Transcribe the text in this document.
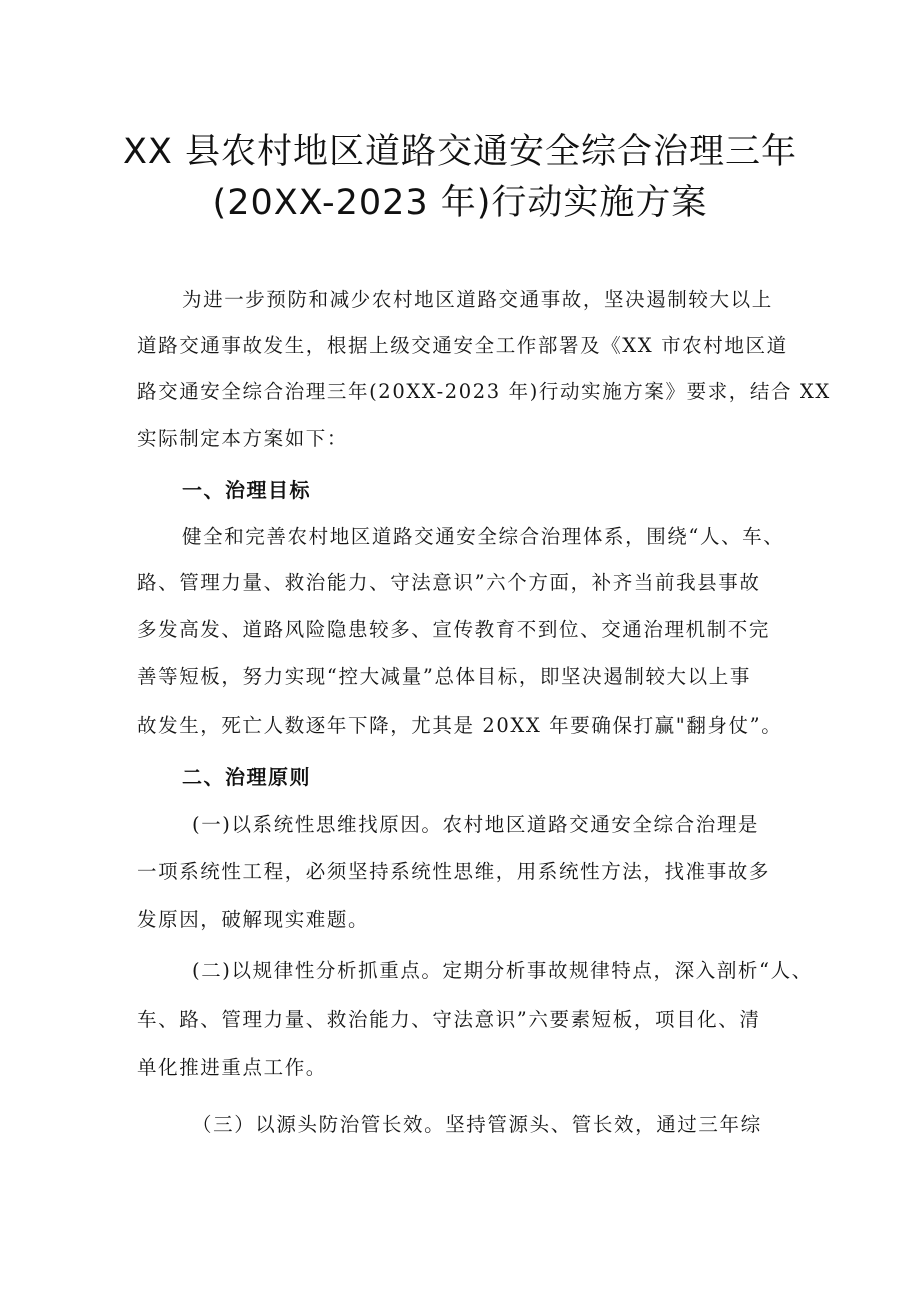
XX 县农村地区道路交通安全综合治理三年
(20XX-2023 年)行动实施方案
为进一步预防和减少农村地区道路交通事故，坚决遏制较大以上
道路交通事故发生，根据上级交通安全工作部署及《XX 市农村地区道
路交通安全综合治理三年(20XX-2023 年)行动实施方案》要求，结合 XX
实际制定本方案如下：
一、治理目标
健全和完善农村地区道路交通安全综合治理体系，围绕“人、车、
路、管理力量、救治能力、守法意识”六个方面，补齐当前我县事故
多发高发、道路风险隐患较多、宣传教育不到位、交通治理机制不完
善等短板，努力实现“控大减量”总体目标，即坚决遏制较大以上事
故发生，死亡人数逐年下降，尤其是 20XX 年要确保打赢"翻身仗”。
二、治理原则
(一)以系统性思维找原因。农村地区道路交通安全综合治理是
一项系统性工程，必须坚持系统性思维，用系统性方法，找准事故多
发原因，破解现实难题。
(二)以规律性分析抓重点。定期分析事故规律特点，深入剖析“人、
车、路、管理力量、救治能力、守法意识”六要素短板，项目化、清
单化推进重点工作。
（三）以源头防治管长效。坚持管源头、管长效，通过三年综
